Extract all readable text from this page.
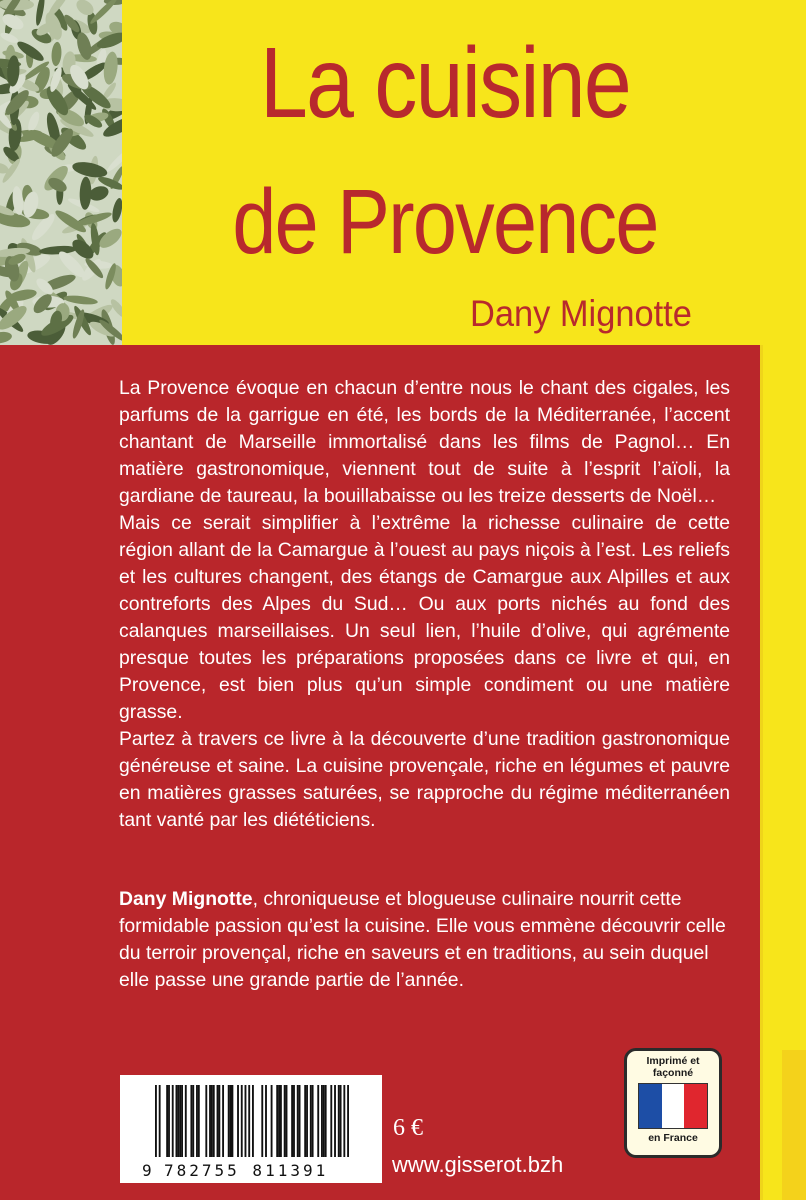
La cuisine
de Provence
Dany Mignotte

La Provence évoque en chacun d’entre nous le chant des cigales, les parfums de la garrigue en été, les bords de la Méditerranée, l’accent chantant de Marseille immortalisé dans les films de Pagnol… En matière gastronomique, viennent tout de suite à l’esprit l’aïoli, la gardiane de taureau, la bouillabaisse ou les treize desserts de Noël…

Mais ce serait simplifier à l’extrême la richesse culinaire de cette région allant de la Camargue à l’ouest au pays niçois à l’est. Les reliefs et les cultures changent, des étangs de Camargue aux Alpilles et aux contreforts des Alpes du Sud… Ou aux ports nichés au fond des calanques marseillaises. Un seul lien, l’huile d’olive, qui agrémente presque toutes les préparations proposées dans ce livre et qui, en Provence, est bien plus qu’un simple condiment ou une matière grasse.

Partez à travers ce livre à la découverte d’une tradition gastronomique généreuse et saine. La cuisine provençale, riche en légumes et pauvre en matières grasses saturées, se rapproche du régime méditerranéen tant vanté par les diététiciens.

Dany Mignotte, chroniqueuse et blogueuse culinaire nourrit cette formidable passion qu’est la cuisine. Elle vous emmène découvrir celle du terroir provençal, riche en saveurs et en traditions, au sein duquel elle passe une grande partie de l’année.

9 782755 811391
6 €
www.gisserot.bzh
Imprimé et
façonné
en France
